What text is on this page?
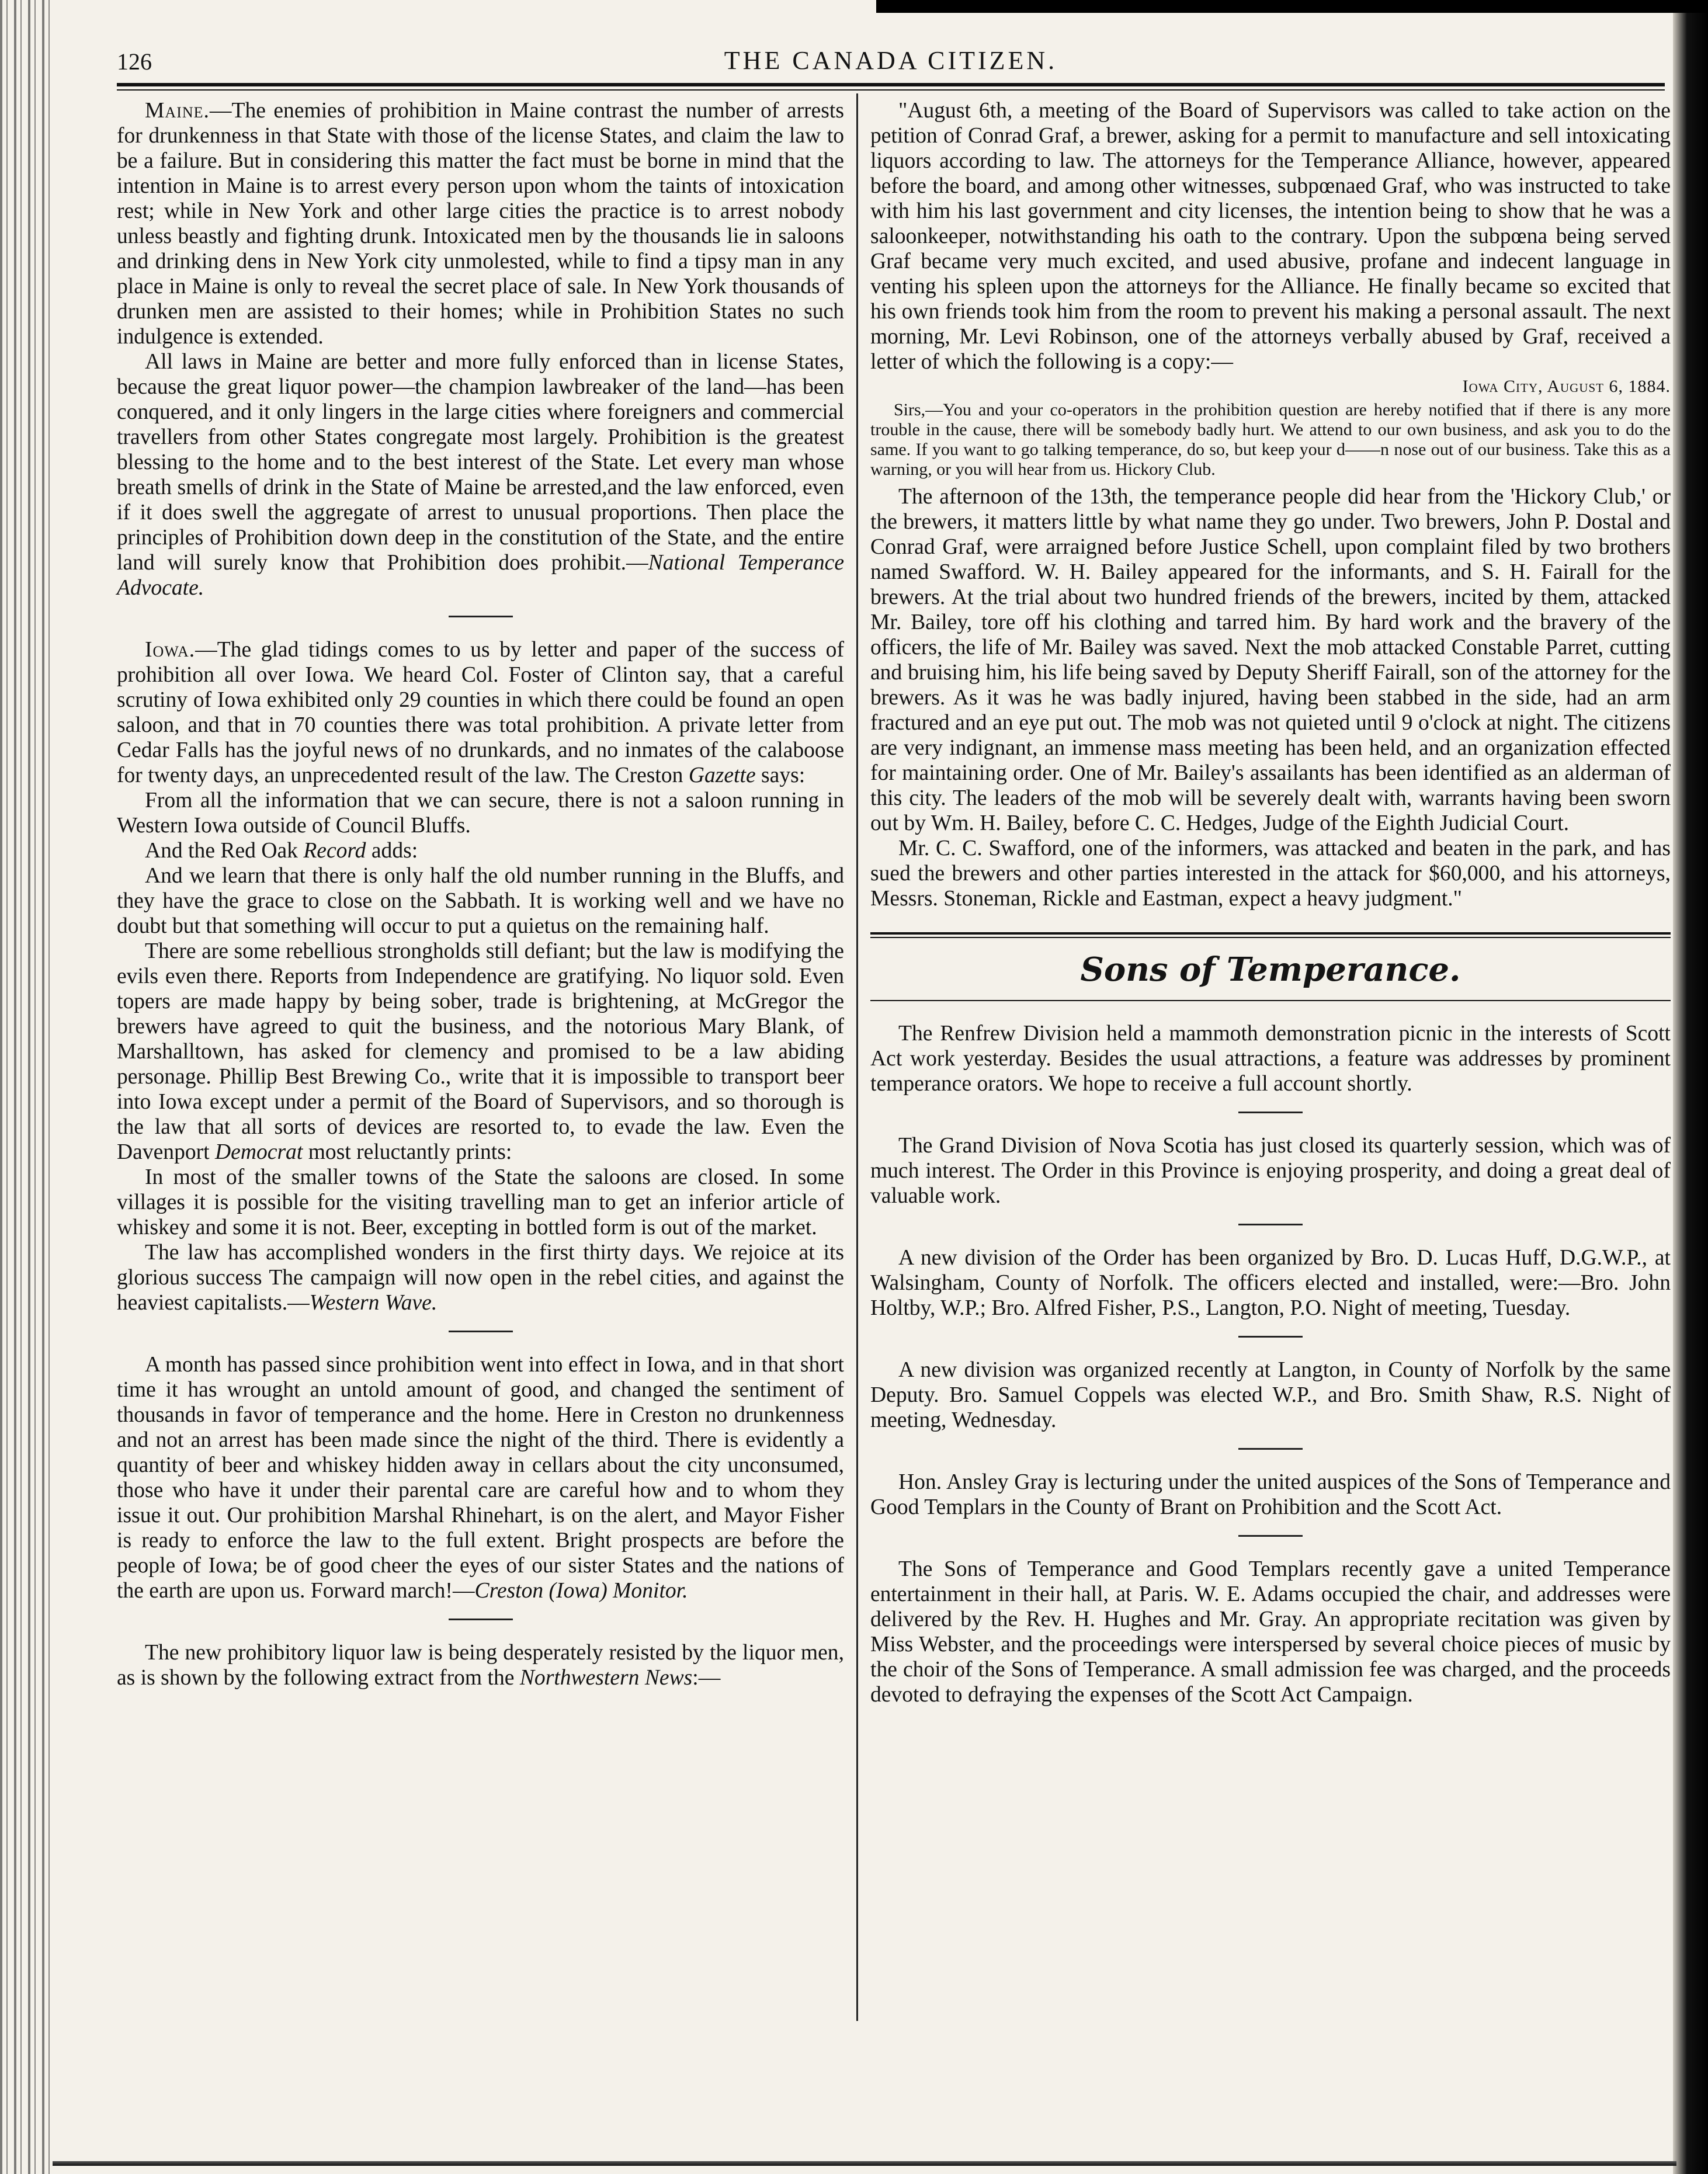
126	THE CANADA CITIZEN.

Maine.—The enemies of prohibition in Maine contrast the number of arrests for drunkenness in that State with those of the license States, and claim the law to be a failure. But in considering this matter the fact must be borne in mind that the intention in Maine is to arrest every person upon whom the taints of intoxication rest; while in New York and other large cities the practice is to arrest nobody unless beastly and fighting drunk. Intoxicated men by the thousands lie in saloons and drinking dens in New York city unmolested, while to find a tipsy man in any place in Maine is only to reveal the secret place of sale. In New York thousands of drunken men are assisted to their homes; while in Prohibition States no such indulgence is extended.

All laws in Maine are better and more fully enforced than in license States, because the great liquor power—the champion lawbreaker of the land—has been conquered, and it only lingers in the large cities where foreigners and commercial travellers from other States congregate most largely. Prohibition is the greatest blessing to the home and to the best interest of the State. Let every man whose breath smells of drink in the State of Maine be arrested,and the law enforced, even if it does swell the aggregate of arrest to unusual proportions. Then place the principles of Prohibition down deep in the constitution of the State, and the entire land will surely know that Prohibition does prohibit.—National Temperance Advocate.

Iowa.—The glad tidings comes to us by letter and paper of the success of prohibition all over Iowa. We heard Col. Foster of Clinton say, that a careful scrutiny of Iowa exhibited only 29 counties in which there could be found an open saloon, and that in 70 counties there was total prohibition. A private letter from Cedar Falls has the joyful news of no drunkards, and no inmates of the calaboose for twenty days, an unprecedented result of the law. The Creston Gazette says:

From all the information that we can secure, there is not a saloon running in Western Iowa outside of Council Bluffs.

And the Red Oak Record adds:

And we learn that there is only half the old number running in the Bluffs, and they have the grace to close on the Sabbath. It is working well and we have no doubt but that something will occur to put a quietus on the remaining half.

There are some rebellious strongholds still defiant; but the law is modifying the evils even there. Reports from Independence are gratifying. No liquor sold. Even topers are made happy by being sober, trade is brightening, at McGregor the brewers have agreed to quit the business, and the notorious Mary Blank, of Marshalltown, has asked for clemency and promised to be a law abiding personage. Phillip Best Brewing Co., write that it is impossible to transport beer into Iowa except under a permit of the Board of Supervisors, and so thorough is the law that all sorts of devices are resorted to, to evade the law. Even the Davenport Democrat most reluctantly prints:

In most of the smaller towns of the State the saloons are closed. In some villages it is possible for the visiting travelling man to get an inferior article of whiskey and some it is not. Beer, excepting in bottled form is out of the market.

The law has accomplished wonders in the first thirty days. We rejoice at its glorious success The campaign will now open in the rebel cities, and against the heaviest capitalists.—Western Wave.

A month has passed since prohibition went into effect in Iowa, and in that short time it has wrought an untold amount of good, and changed the sentiment of thousands in favor of temperance and the home. Here in Creston no drunkenness and not an arrest has been made since the night of the third. There is evidently a quantity of beer and whiskey hidden away in cellars about the city unconsumed, those who have it under their parental care are careful how and to whom they issue it out. Our prohibition Marshal Rhinehart, is on the alert, and Mayor Fisher is ready to enforce the law to the full extent. Bright prospects are before the people of Iowa; be of good cheer the eyes of our sister States and the nations of the earth are upon us. Forward march!—Creston (Iowa) Monitor.

The new prohibitory liquor law is being desperately resisted by the liquor men, as is shown by the following extract from the Northwestern News:—

"August 6th, a meeting of the Board of Supervisors was called to take action on the petition of Conrad Graf, a brewer, asking for a permit to manufacture and sell intoxicating liquors according to law. The attorneys for the Temperance Alliance, however, appeared before the board, and among other witnesses, subpœnaed Graf, who was instructed to take with him his last government and city licenses, the intention being to show that he was a saloonkeeper, notwithstanding his oath to the contrary. Upon the subpœna being served Graf became very much excited, and used abusive, profane and indecent language in venting his spleen upon the attorneys for the Alliance. He finally became so excited that his own friends took him from the room to prevent his making a personal assault. The next morning, Mr. Levi Robinson, one of the attorneys verbally abused by Graf, received a letter of which the following is a copy:—

Iowa City, August 6, 1884.

Sirs,—You and your co-operators in the prohibition question are hereby notified that if there is any more trouble in the cause, there will be somebody badly hurt. We attend to our own business, and ask you to do the same. If you want to go talking temperance, do so, but keep your d——n nose out of our business. Take this as a warning, or you will hear from us. Hickory Club.

The afternoon of the 13th, the temperance people did hear from the 'Hickory Club,' or the brewers, it matters little by what name they go under. Two brewers, John P. Dostal and Conrad Graf, were arraigned before Justice Schell, upon complaint filed by two brothers named Swafford. W. H. Bailey appeared for the informants, and S. H. Fairall for the brewers. At the trial about two hundred friends of the brewers, incited by them, attacked Mr. Bailey, tore off his clothing and tarred him. By hard work and the bravery of the officers, the life of Mr. Bailey was saved. Next the mob attacked Constable Parret, cutting and bruising him, his life being saved by Deputy Sheriff Fairall, son of the attorney for the brewers. As it was he was badly injured, having been stabbed in the side, had an arm fractured and an eye put out. The mob was not quieted until 9 o'clock at night. The citizens are very indignant, an immense mass meeting has been held, and an organization effected for maintaining order. One of Mr. Bailey's assailants has been identified as an alderman of this city. The leaders of the mob will be severely dealt with, warrants having been sworn out by Wm. H. Bailey, before C. C. Hedges, Judge of the Eighth Judicial Court.

Mr. C. C. Swafford, one of the informers, was attacked and beaten in the park, and has sued the brewers and other parties interested in the attack for $60,000, and his attorneys, Messrs. Stoneman, Rickle and Eastman, expect a heavy judgment."

Sons of Temperance.

The Renfrew Division held a mammoth demonstration picnic in the interests of Scott Act work yesterday. Besides the usual attractions, a feature was addresses by prominent temperance orators. We hope to receive a full account shortly.

The Grand Division of Nova Scotia has just closed its quarterly session, which was of much interest. The Order in this Province is enjoying prosperity, and doing a great deal of valuable work.

A new division of the Order has been organized by Bro. D. Lucas Huff, D.G.W.P., at Walsingham, County of Norfolk. The officers elected and installed, were:—Bro. John Holtby, W.P.; Bro. Alfred Fisher, P.S., Langton, P.O. Night of meeting, Tuesday.

A new division was organized recently at Langton, in County of Norfolk by the same Deputy. Bro. Samuel Coppels was elected W.P., and Bro. Smith Shaw, R.S. Night of meeting, Wednesday.

Hon. Ansley Gray is lecturing under the united auspices of the Sons of Temperance and Good Templars in the County of Brant on Prohibition and the Scott Act.

The Sons of Temperance and Good Templars recently gave a united Temperance entertainment in their hall, at Paris. W. E. Adams occupied the chair, and addresses were delivered by the Rev. H. Hughes and Mr. Gray. An appropriate recitation was given by Miss Webster, and the proceedings were interspersed by several choice pieces of music by the choir of the Sons of Temperance. A small admission fee was charged, and the proceeds devoted to defraying the expenses of the Scott Act Campaign.
